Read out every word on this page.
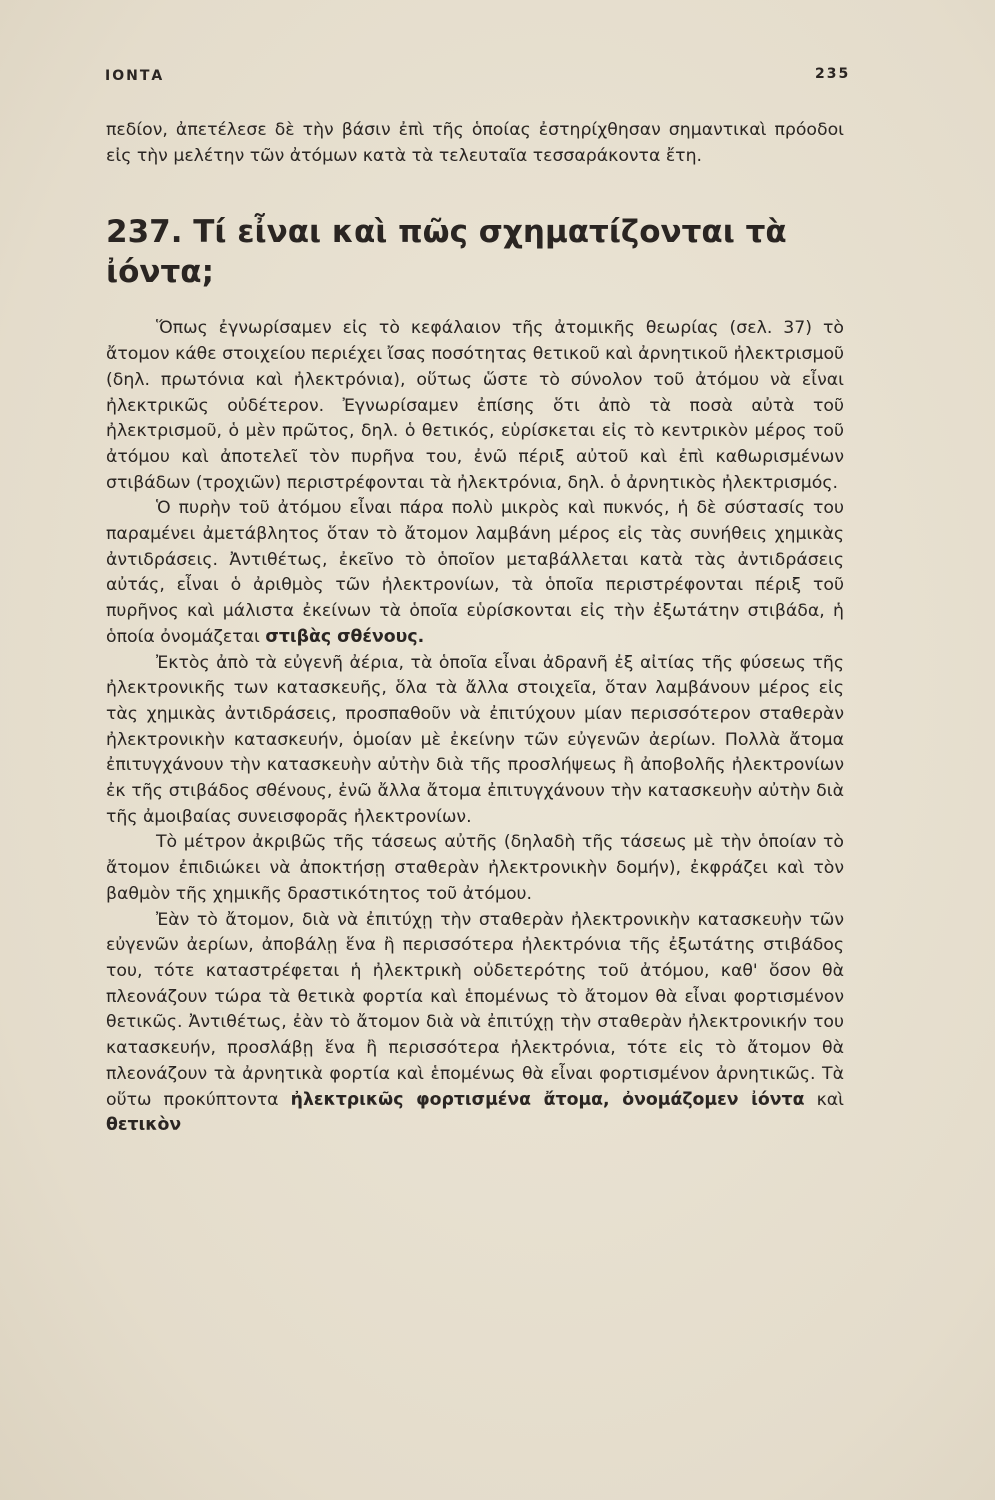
ΙΟΝΤΑ	235

πεδίον, ἀπετέλεσε δὲ τὴν βάσιν ἐπὶ τῆς ὁποίας ἐστηρίχθησαν σημαντικαὶ πρόοδοι εἰς τὴν μελέτην τῶν ἀτόμων κατὰ τὰ τελευταῖα τεσσαράκοντα ἔτη.

237. Τί εἶναι καὶ πῶς σχηματίζονται τὰ ἰόντα;

Ὅπως ἐγνωρίσαμεν εἰς τὸ κεφάλαιον τῆς ἀτομικῆς θεωρίας (σελ. 37) τὸ ἄτομον κάθε στοιχείου περιέχει ἴσας ποσότητας θετικοῦ καὶ ἀρνητικοῦ ἠλεκτρισμοῦ (δηλ. πρωτόνια καὶ ἠλεκτρόνια), οὕτως ὥστε τὸ σύνολον τοῦ ἀτόμου νὰ εἶναι ἠλεκτρικῶς οὐδέτερον. Ἐγνωρίσαμεν ἐπίσης ὅτι ἀπὸ τὰ ποσὰ αὐτὰ τοῦ ἠλεκτρισμοῦ, ὁ μὲν πρῶτος, δηλ. ὁ θετικός, εὑρίσκεται εἰς τὸ κεντρικὸν μέρος τοῦ ἀτόμου καὶ ἀποτελεῖ τὸν πυρῆνα του, ἐνῶ πέριξ αὐτοῦ καὶ ἐπὶ καθωρισμένων στιβάδων (τροχιῶν) περιστρέφονται τὰ ἠλεκτρόνια, δηλ. ὁ ἀρνητικὸς ἠλεκτρισμός.

Ὁ πυρὴν τοῦ ἀτόμου εἶναι πάρα πολὺ μικρὸς καὶ πυκνός, ἡ δὲ σύστασίς του παραμένει ἀμετάβλητος ὅταν τὸ ἄτομον λαμβάνη μέρος εἰς τὰς συνήθεις χημικὰς ἀντιδράσεις. Ἀντιθέτως, ἐκεῖνο τὸ ὁποῖον μεταβάλλεται κατὰ τὰς ἀντιδράσεις αὐτάς, εἶναι ὁ ἀριθμὸς τῶν ἠλεκτρονίων, τὰ ὁποῖα περιστρέφονται πέριξ τοῦ πυρῆνος καὶ μάλιστα ἐκείνων τὰ ὁποῖα εὑρίσκονται εἰς τὴν ἐξωτάτην στιβάδα, ἡ ὁποία ὀνομάζεται στιβὰς σθένους.

Ἐκτὸς ἀπὸ τὰ εὐγενῆ ἀέρια, τὰ ὁποῖα εἶναι ἀδρανῆ ἐξ αἰτίας τῆς φύσεως τῆς ἠλεκτρονικῆς των κατασκευῆς, ὅλα τὰ ἄλλα στοιχεῖα, ὅταν λαμβάνουν μέρος εἰς τὰς χημικὰς ἀντιδράσεις, προσπαθοῦν νὰ ἐπιτύχουν μίαν περισσότερον σταθερὰν ἠλεκτρονικὴν κατασκευήν, ὁμοίαν μὲ ἐκείνην τῶν εὐγενῶν ἀερίων. Πολλὰ ἄτομα ἐπιτυγχάνουν τὴν κατασκευὴν αὐτὴν διὰ τῆς προσλήψεως ἢ ἀποβολῆς ἠλεκτρονίων ἐκ τῆς στιβάδος σθένους, ἐνῶ ἄλλα ἄτομα ἐπιτυγχάνουν τὴν κατασκευὴν αὐτὴν διὰ τῆς ἀμοιβαίας συνεισφορᾶς ἠλεκτρονίων.

Τὸ μέτρον ἀκριβῶς τῆς τάσεως αὐτῆς (δηλαδὴ τῆς τάσεως μὲ τὴν ὁποίαν τὸ ἄτομον ἐπιδιώκει νὰ ἀποκτήσῃ σταθερὰν ἠλεκτρονικὴν δομήν), ἐκφράζει καὶ τὸν βαθμὸν τῆς χημικῆς δραστικότητος τοῦ ἀτόμου.

Ἐὰν τὸ ἄτομον, διὰ νὰ ἐπιτύχῃ τὴν σταθερὰν ἠλεκτρονικὴν κατασκευὴν τῶν εὐγενῶν ἀερίων, ἀποβάλῃ ἕνα ἢ περισσότερα ἠλεκτρόνια τῆς ἐξωτάτης στιβάδος του, τότε καταστρέφεται ἡ ἠλεκτρικὴ οὐδετερότης τοῦ ἀτόμου, καθ' ὅσον θὰ πλεονάζουν τώρα τὰ θετικὰ φορτία καὶ ἑπομένως τὸ ἄτομον θὰ εἶναι φορτισμένον θετικῶς. Ἀντιθέτως, ἐὰν τὸ ἄτομον διὰ νὰ ἐπιτύχῃ τὴν σταθερὰν ἠλεκτρονικήν του κατασκευήν, προσλάβῃ ἕνα ἢ περισσότερα ἠλεκτρόνια, τότε εἰς τὸ ἄτομον θὰ πλεονάζουν τὰ ἀρνητικὰ φορτία καὶ ἑπομένως θὰ εἶναι φορτισμένον ἀρνητικῶς. Τὰ οὕτω προκύπτοντα ἠλεκτρικῶς φορτισμένα ἄτομα, ὀνομάζομεν ἰόντα καὶ θετικὸν
